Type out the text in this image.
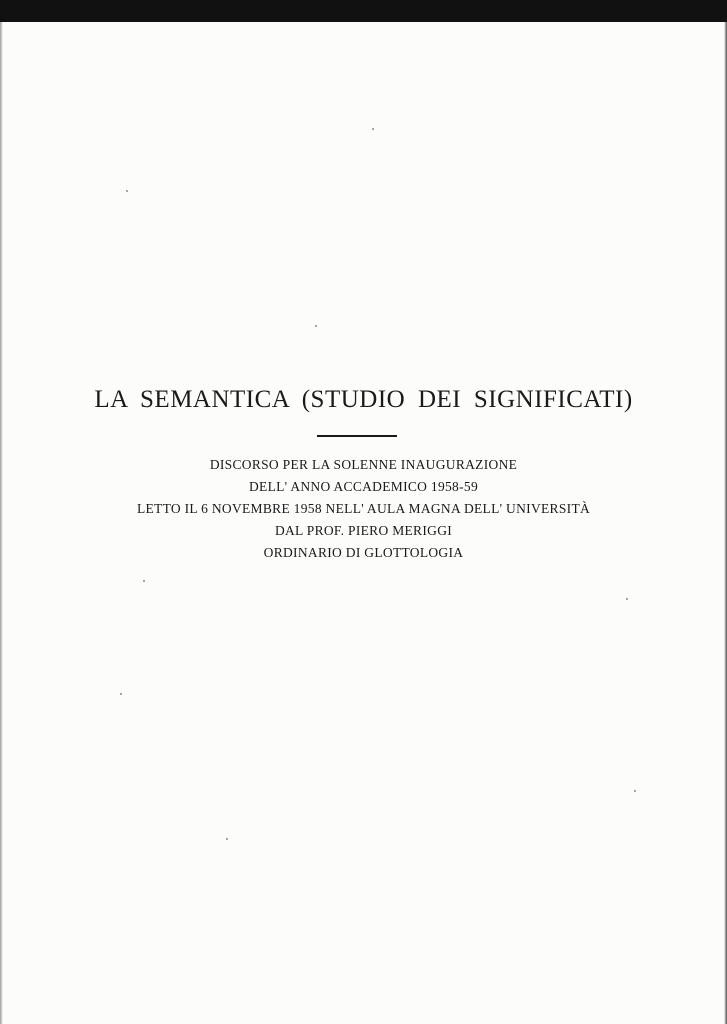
LA SEMANTICA (STUDIO DEI SIGNIFICATI)
DISCORSO PER LA SOLENNE INAUGURAZIONE
DELL' ANNO ACCADEMICO 1958-59
LETTO IL 6 NOVEMBRE 1958 NELL' AULA MAGNA DELL' UNIVERSITÀ
DAL PROF. PIERO MERIGGI
ORDINARIO DI GLOTTOLOGIA
